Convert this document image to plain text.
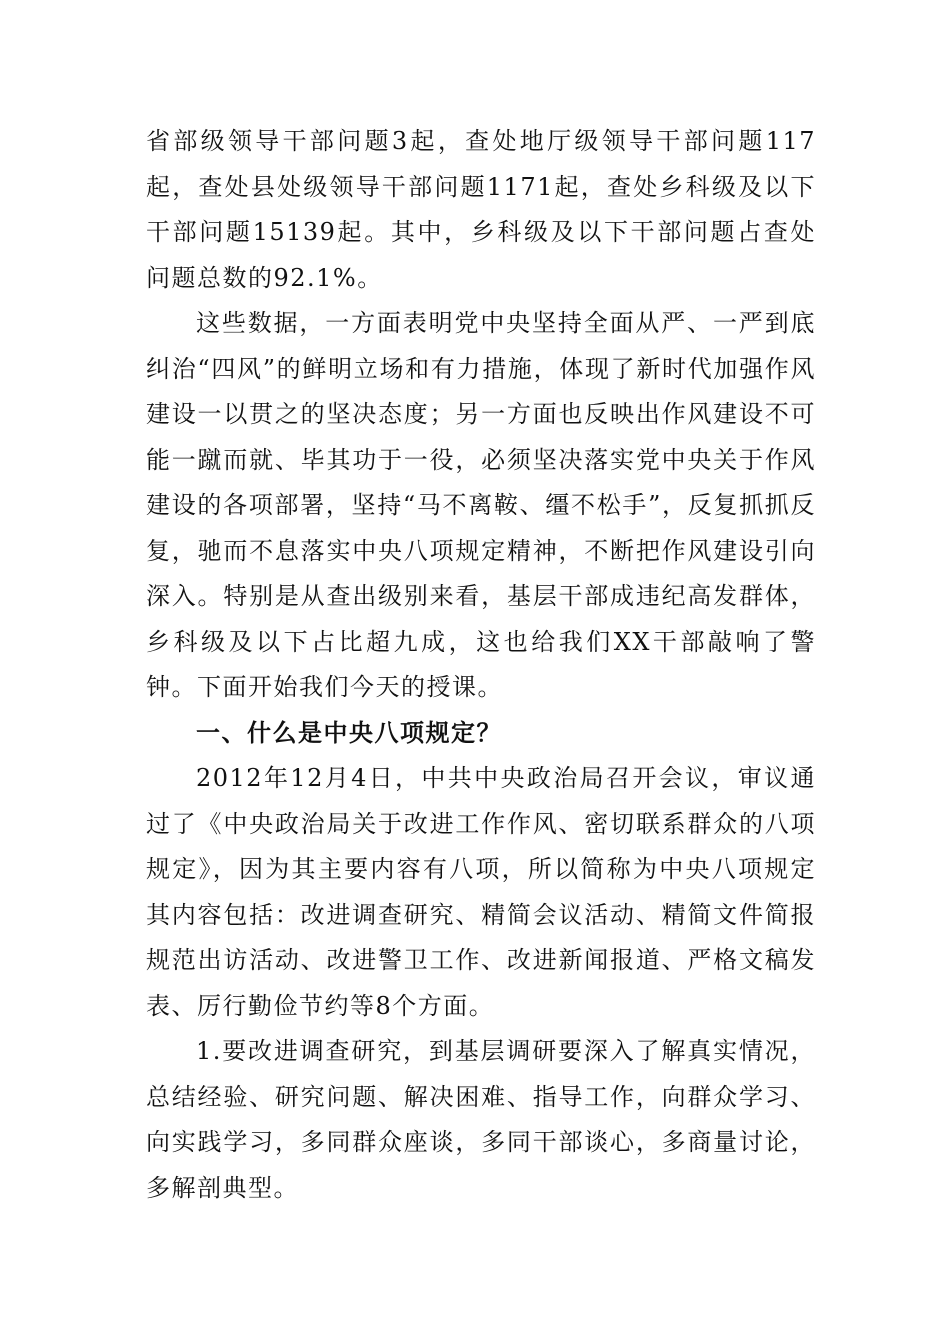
省部级领导干部问题3起，查处地厅级领导干部问题117起，查处县处级领导干部问题1171起，查处乡科级及以下干部问题15139起。其中，乡科级及以下干部问题占查处问题总数的92.1%。

这些数据，一方面表明党中央坚持全面从严、一严到底纠治“四风”的鲜明立场和有力措施，体现了新时代加强作风建设一以贯之的坚决态度；另一方面也反映出作风建设不可能一蹴而就、毕其功于一役，必须坚决落实党中央关于作风建设的各项部署，坚持“马不离鞍、缰不松手”，反复抓抓反复，驰而不息落实中央八项规定精神，不断把作风建设引向深入。特别是从查出级别来看，基层干部成违纪高发群体，乡科级及以下占比超九成，这也给我们XX干部敲响了警钟。下面开始我们今天的授课。

一、什么是中央八项规定？

2012年12月4日，中共中央政治局召开会议，审议通过了《中央政治局关于改进工作作风、密切联系群众的八项规定》，因为其主要内容有八项，所以简称为中央八项规定其内容包括：改进调查研究、精简会议活动、精简文件简报规范出访活动、改进警卫工作、改进新闻报道、严格文稿发表、厉行勤俭节约等8个方面。

1.要改进调查研究，到基层调研要深入了解真实情况，总结经验、研究问题、解决困难、指导工作，向群众学习、向实践学习，多同群众座谈，多同干部谈心，多商量讨论，多解剖典型。
